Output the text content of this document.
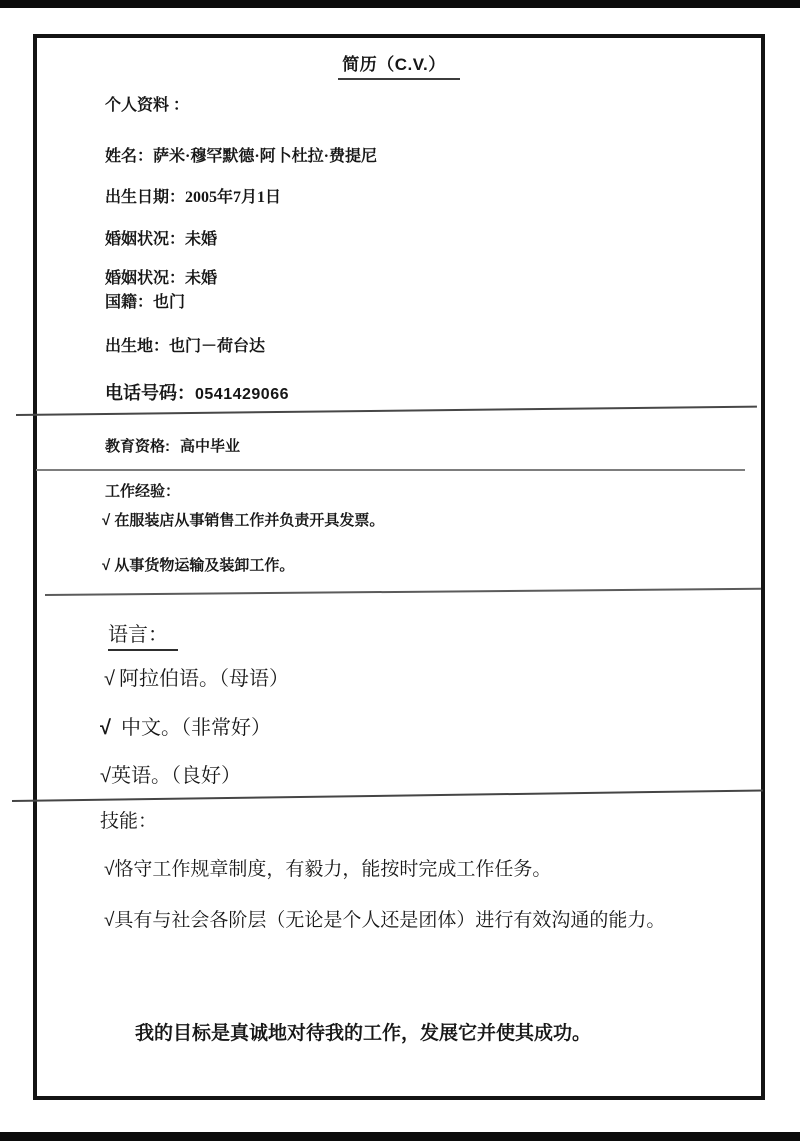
简历（C.V.）
个人资料 ：
姓名：萨米·穆罕默德·阿卜杜拉·费提尼
出生日期：2005年7月1日
婚姻状况：未婚
婚姻状况：未婚
国籍：也门
出生地：也门－荷台达
电话号码：0541429066
教育资格: 高中毕业
工作经验：
√ 在服装店从事销售工作并负责开具发票。
√ 从事货物运输及装卸工作。
语言：
√ 阿拉伯语。（母语）
√ 中文。（非常好）
√英语。（良好）
技能：
√恪守工作规章制度，有毅力，能按时完成工作任务。
√具有与社会各阶层（无论是个人还是团体）进行有效沟通的能力。
我的目标是真诚地对待我的工作，发展它并使其成功。
